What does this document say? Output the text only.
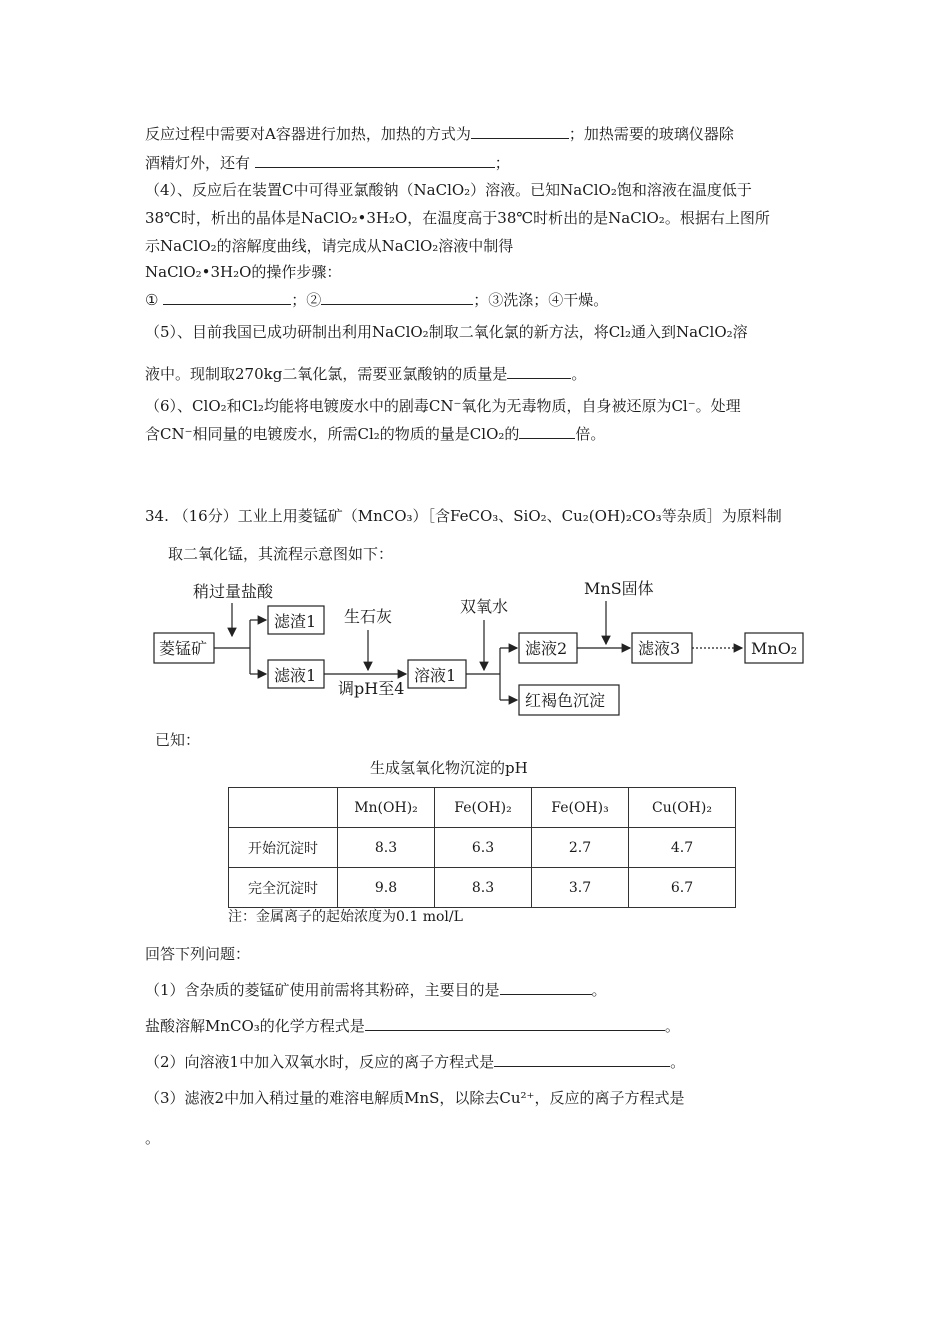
反应过程中需要对A容器进行加热，加热的方式为	；加热需要的玻璃仪器除
酒精灯外，还有	；
（4）、反应后在装置C中可得亚氯酸钠（NaClO₂）溶液。已知NaClO₂饱和溶液在温度低于
38℃时，析出的晶体是NaClO₂•3H₂O，在温度高于38℃时析出的是NaClO₂。根据右上图所
示NaClO₂的溶解度曲线，请完成从NaClO₂溶液中制得
NaClO₂•3H₂O的操作步骤：
①	；②	；③洗涤；④干燥。
（5）、目前我国已成功研制出利用NaClO₂制取二氧化氯的新方法，将Cl₂通入到NaClO₂溶
液中。现制取270kg二氧化氯，需要亚氯酸钠的质量是	。
（6）、ClO₂和Cl₂均能将电镀废水中的剧毒CN⁻氧化为无毒物质，自身被还原为Cl⁻。处理
含CN⁻相同量的电镀废水，所需Cl₂的物质的量是ClO₂的	倍。
34. （16分）工业上用菱锰矿（MnCO₃）［含FeCO₃、SiO₂、Cu₂(OH)₂CO₃等杂质］为原料制
取二氧化锰，其流程示意图如下：
稍过量盐酸
菱锰矿
滤渣1
滤液1
生石灰
调pH至4
溶液1
双氧水
滤液2
红褐色沉淀
MnS固体
滤液3	MnO₂
已知：
生成氢氧化物沉淀的pH
	Mn(OH)₂	Fe(OH)₂	Fe(OH)₃	Cu(OH)₂
开始沉淀时	8.3	6.3	2.7	4.7
完全沉淀时	9.8	8.3	3.7	6.7
注：金属离子的起始浓度为0.1 mol/L
回答下列问题：
（1）含杂质的菱锰矿使用前需将其粉碎，主要目的是	。
盐酸溶解MnCO₃的化学方程式是	。
（2）向溶液1中加入双氧水时，反应的离子方程式是	。
（3）滤液2中加入稍过量的难溶电解质MnS，以除去Cu²⁺，反应的离子方程式是
。
